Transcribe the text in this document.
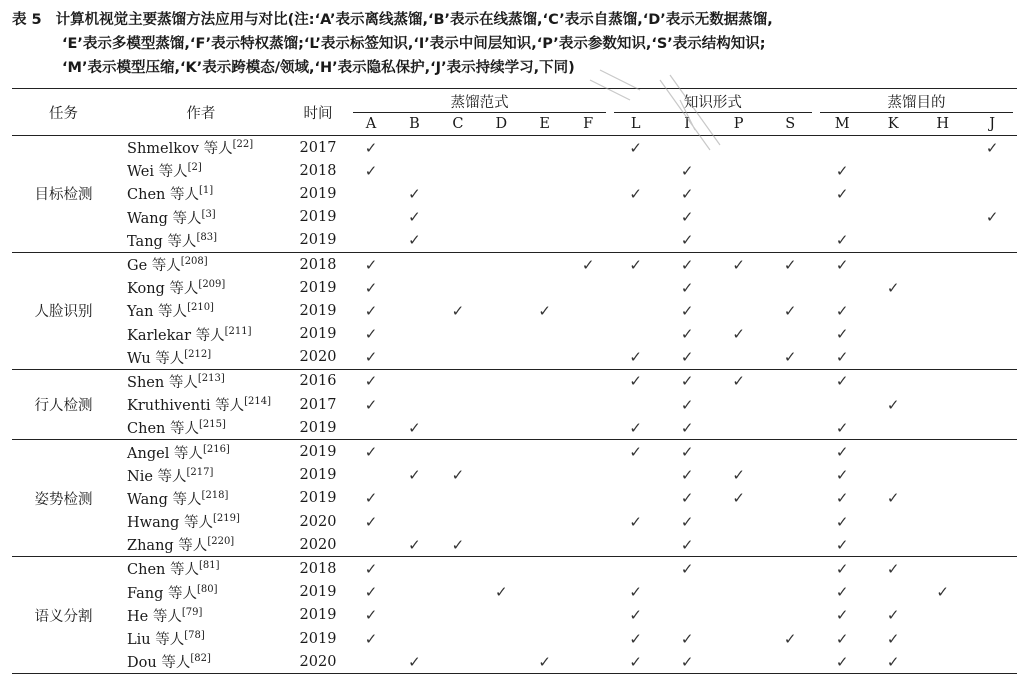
表 5 计算机视觉主要蒸馏方法应用与对比(注:‘A’表示离线蒸馏,‘B’表示在线蒸馏,‘C’表示自蒸馏,‘D’表示无数据蒸馏,
‘E’表示多模型蒸馏,‘F’表示特权蒸馏;‘L’表示标签知识,‘I’表示中间层知识,‘P’表示参数知识,‘S’表示结构知识;
‘M’表示模型压缩,‘K’表示跨模态/领域,‘H’表示隐私保护,‘J’表示持续学习,下同)
任务	作者	时间	蒸馏范式						知识形式				蒸馏目的			

			A	B	C	D	E	F	L	I	P	S	M	K	H	J
目标检测	Shmelkov 等人[22]	2017	✓						✓							✓
	Wei 等人[2]	2018	✓							✓			✓			
	Chen 等人[1]	2019		✓					✓	✓			✓			
	Wang 等人[3]	2019		✓						✓						✓
	Tang 等人[83]	2019		✓						✓			✓			
人脸识别	Ge 等人[208]	2018	✓					✓	✓	✓	✓	✓	✓			
	Kong 等人[209]	2019	✓							✓				✓		
	Yan 等人[210]	2019	✓		✓		✓			✓		✓	✓			
	Karlekar 等人[211]	2019	✓							✓	✓		✓			
	Wu 等人[212]	2020	✓						✓	✓		✓	✓			
行人检测	Shen 等人[213]	2016	✓						✓	✓	✓		✓			
	Kruthiventi 等人[214]	2017	✓							✓				✓		
	Chen 等人[215]	2019		✓					✓	✓			✓			
姿势检测	Angel 等人[216]	2019	✓						✓	✓			✓			
	Nie 等人[217]	2019		✓	✓					✓	✓		✓			
	Wang 等人[218]	2019	✓							✓	✓		✓	✓		
	Hwang 等人[219]	2020	✓						✓	✓			✓			
	Zhang 等人[220]	2020		✓	✓					✓			✓			
语义分割	Chen 等人[81]	2018	✓							✓			✓	✓		
	Fang 等人[80]	2019	✓			✓			✓				✓		✓	
	He 等人[79]	2019	✓						✓				✓	✓		
	Liu 等人[78]	2019	✓						✓	✓		✓	✓	✓		
	Dou 等人[82]	2020		✓			✓		✓	✓			✓	✓		
